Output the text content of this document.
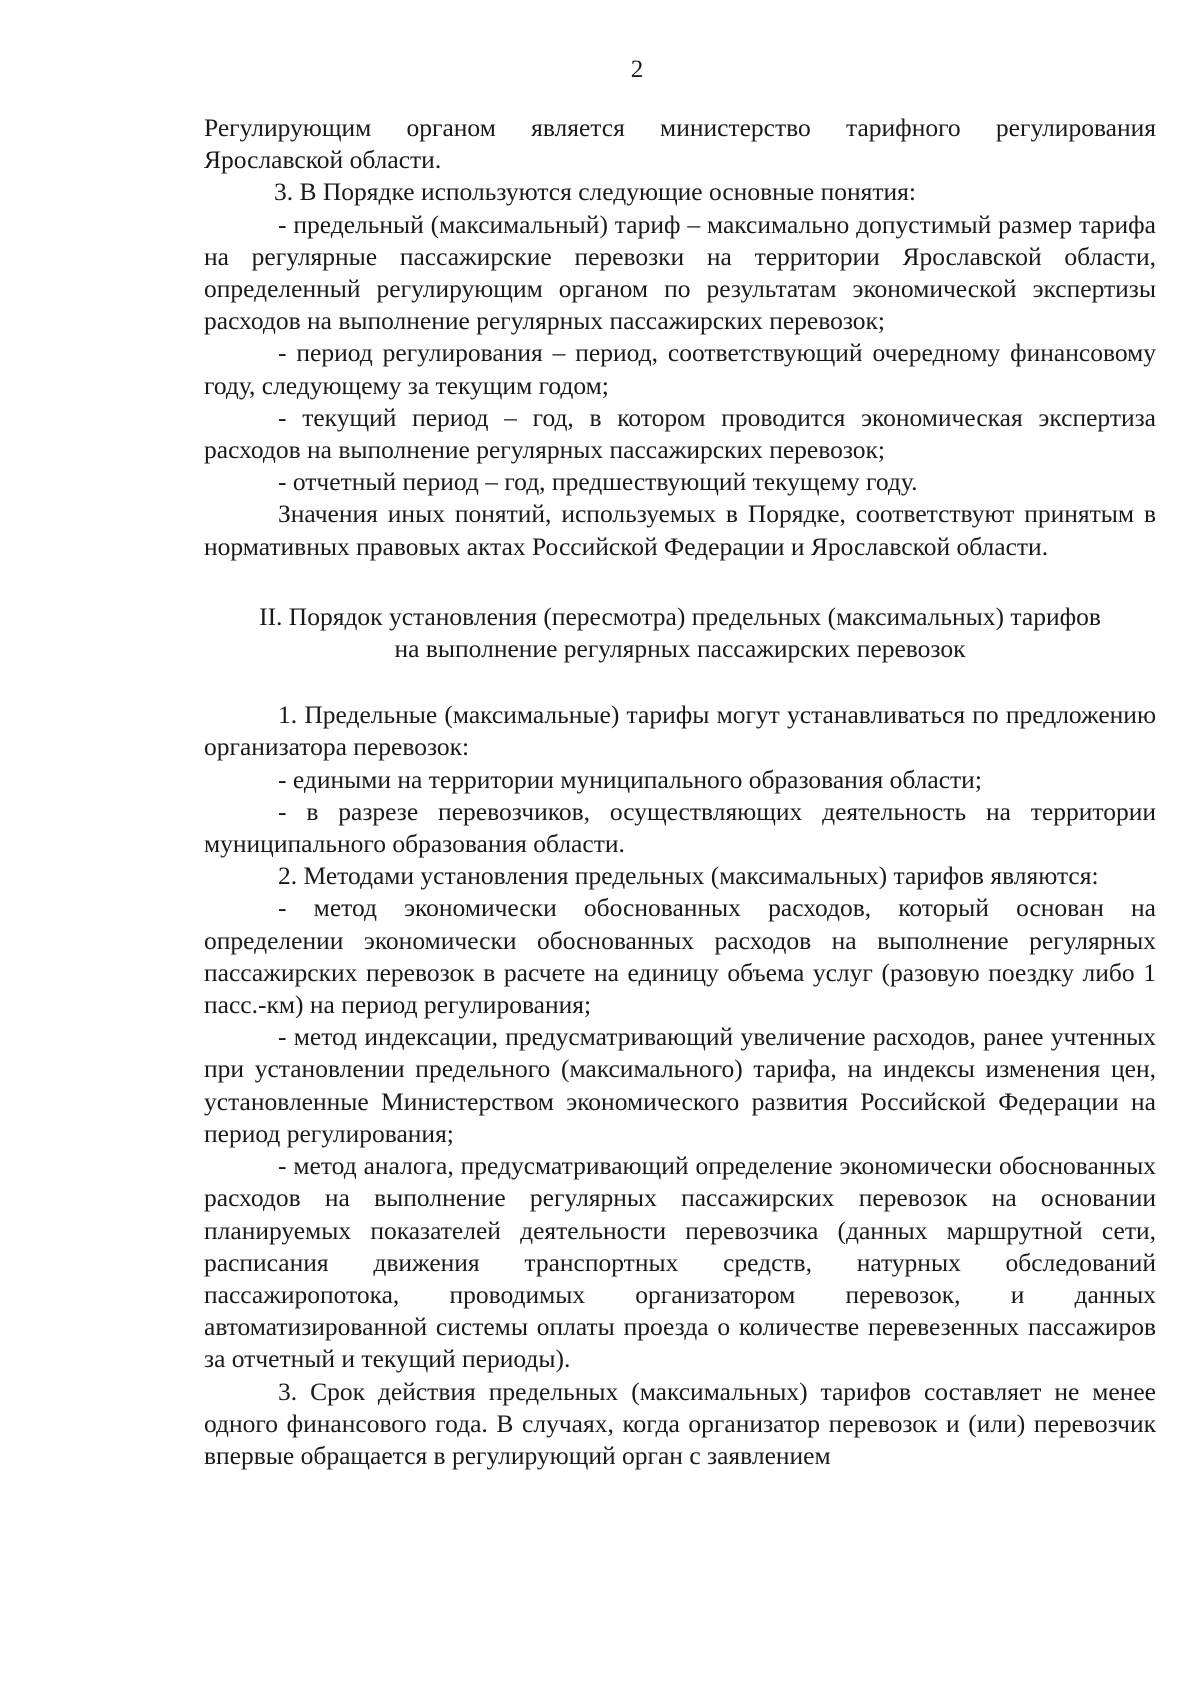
2

Регулирующим органом является министерство тарифного регулирования Ярославской области.

3. В Порядке используются следующие основные понятия:

- предельный (максимальный) тариф – максимально допустимый размер тарифа на регулярные пассажирские перевозки на территории Ярославской области, определенный регулирующим органом по результатам экономической экспертизы расходов на выполнение регулярных пассажирских перевозок;

- период регулирования – период, соответствующий очередному финансовому году, следующему за текущим годом;

- текущий период – год, в котором проводится экономическая экспертиза расходов на выполнение регулярных пассажирских перевозок;

- отчетный период – год, предшествующий текущему году.

Значения иных понятий, используемых в Порядке, соответствуют принятым в нормативных правовых актах Российской Федерации и Ярославской области.

II. Порядок установления (пересмотра) предельных (максимальных) тарифов
на выполнение регулярных пассажирских перевозок

1. Предельные (максимальные) тарифы могут устанавливаться по предложению организатора перевозок:

- едиными на территории муниципального образования области;

- в разрезе перевозчиков, осуществляющих деятельность на территории муниципального образования области.

2. Методами установления предельных (максимальных) тарифов являются:

- метод экономически обоснованных расходов, который основан на определении экономически обоснованных расходов на выполнение регулярных пассажирских перевозок в расчете на единицу объема услуг (разовую поездку либо 1 пасс.-км) на период регулирования;

- метод индексации, предусматривающий увеличение расходов, ранее учтенных при установлении предельного (максимального) тарифа, на индексы изменения цен, установленные Министерством экономического развития Российской Федерации на период регулирования;

- метод аналога, предусматривающий определение экономически обоснованных расходов на выполнение регулярных пассажирских перевозок на основании планируемых показателей деятельности перевозчика (данных маршрутной сети, расписания движения транспортных средств, натурных обследований пассажиропотока, проводимых организатором перевозок, и данных автоматизированной системы оплаты проезда о количестве перевезенных пассажиров за отчетный и текущий периоды).

3. Срок действия предельных (максимальных) тарифов составляет не менее одного финансового года. В случаях, когда организатор перевозок и (или) перевозчик впервые обращается в регулирующий орган с заявлением
